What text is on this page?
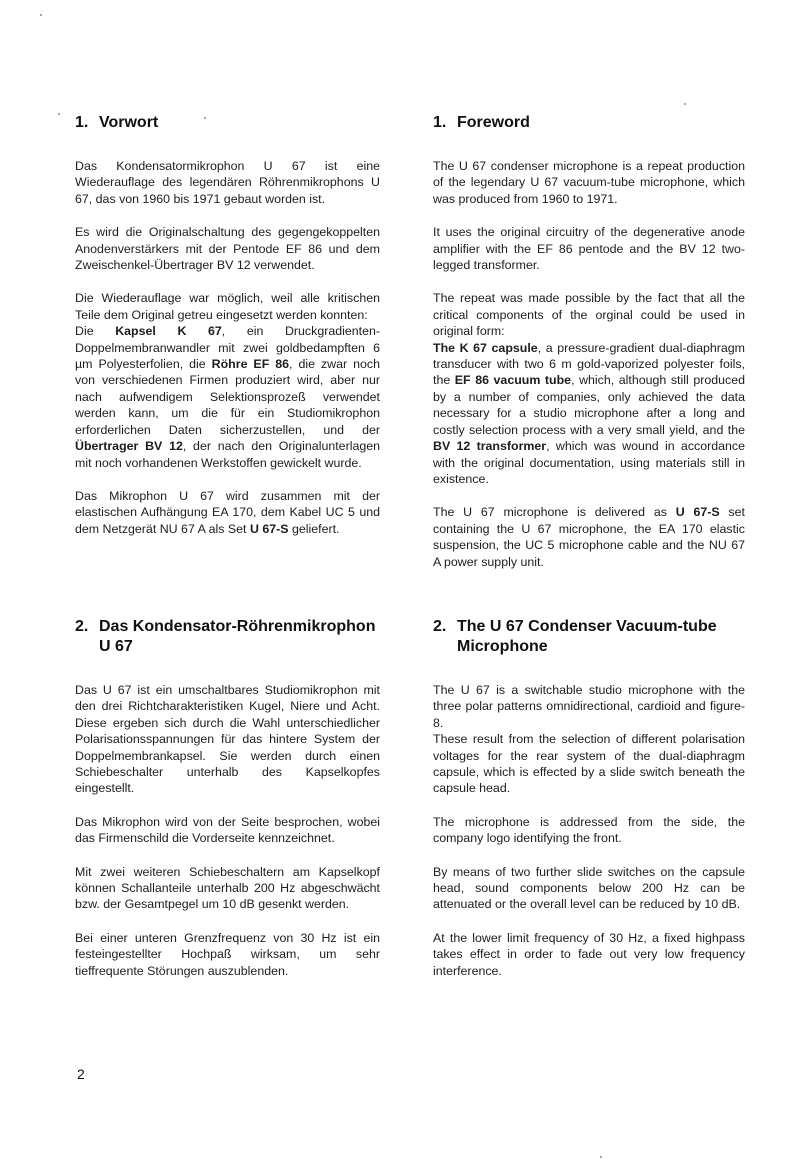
1. Vorwort

Das Kondensatormikrophon U 67 ist eine Wiederauflage des legendären Röhrenmikrophons U 67, das von 1960 bis 1971 gebaut worden ist.

Es wird die Originalschaltung des gegengekoppelten Anodenverstärkers mit der Pentode EF 86 und dem Zweischenkel-Übertrager BV 12 verwendet.

Die Wiederauflage war möglich, weil alle kritischen Teile dem Original getreu eingesetzt werden konnten:
Die Kapsel K 67, ein Druckgradienten-Doppelmembranwandler mit zwei goldbedampften 6 µm Polyesterfolien, die Röhre EF 86, die zwar noch von verschiedenen Firmen produziert wird, aber nur nach aufwendigem Selektionsprozeß verwendet werden kann, um die für ein Studiomikrophon erforderlichen Daten sicherzustellen, und der Übertrager BV 12, der nach den Originalunterlagen mit noch vorhandenen Werkstoffen gewickelt wurde.

Das Mikrophon U 67 wird zusammen mit der elastischen Aufhängung EA 170, dem Kabel UC 5 und dem Netzgerät NU 67 A als Set U 67-S geliefert.

2. Das Kondensator-Röhrenmikrophon U 67

Das U 67 ist ein umschaltbares Studiomikrophon mit den drei Richtcharakteristiken Kugel, Niere und Acht. Diese ergeben sich durch die Wahl unterschiedlicher Polarisationsspannungen für das hintere System der Doppelmembrankapsel. Sie werden durch einen Schiebeschalter unterhalb des Kapselkopfes eingestellt.

Das Mikrophon wird von der Seite besprochen, wobei das Firmenschild die Vorderseite kennzeichnet.

Mit zwei weiteren Schiebeschaltern am Kapselkopf können Schallanteile unterhalb 200 Hz abgeschwächt bzw. der Gesamtpegel um 10 dB gesenkt werden.

Bei einer unteren Grenzfrequenz von 30 Hz ist ein festeingestellter Hochpaß wirksam, um sehr tieffrequente Störungen auszublenden.

1. Foreword

The U 67 condenser microphone is a repeat production of the legendary U 67 vacuum-tube microphone, which was produced from 1960 to 1971.

It uses the original circuitry of the degenerative anode amplifier with the EF 86 pentode and the BV 12 two-legged transformer.

The repeat was made possible by the fact that all the critical components of the orginal could be used in original form:
The K 67 capsule, a pressure-gradient dual-diaphragm transducer with two 6 m gold-vaporized polyester foils, the EF 86 vacuum tube, which, although still produced by a number of companies, only achieved the data necessary for a studio microphone after a long and costly selection process with a very small yield, and the BV 12 transformer, which was wound in accordance with the original documentation, using materials still in existence.

The U 67 microphone is delivered as U 67-S set containing the U 67 microphone, the EA 170 elastic suspension, the UC 5 microphone cable and the NU 67 A power supply unit.

2. The U 67 Condenser Vacuum-tube Microphone

The U 67 is a switchable studio microphone with the three polar patterns omnidirectional, cardioid and figure-8.
These result from the selection of different polarisation voltages for the rear system of the dual-diaphragm capsule, which is effected by a slide switch beneath the capsule head.

The microphone is addressed from the side, the company logo identifying the front.

By means of two further slide switches on the capsule head, sound components below 200 Hz can be attenuated or the overall level can be reduced by 10 dB.

At the lower limit frequency of 30 Hz, a fixed highpass takes effect in order to fade out very low frequency interference.

2
